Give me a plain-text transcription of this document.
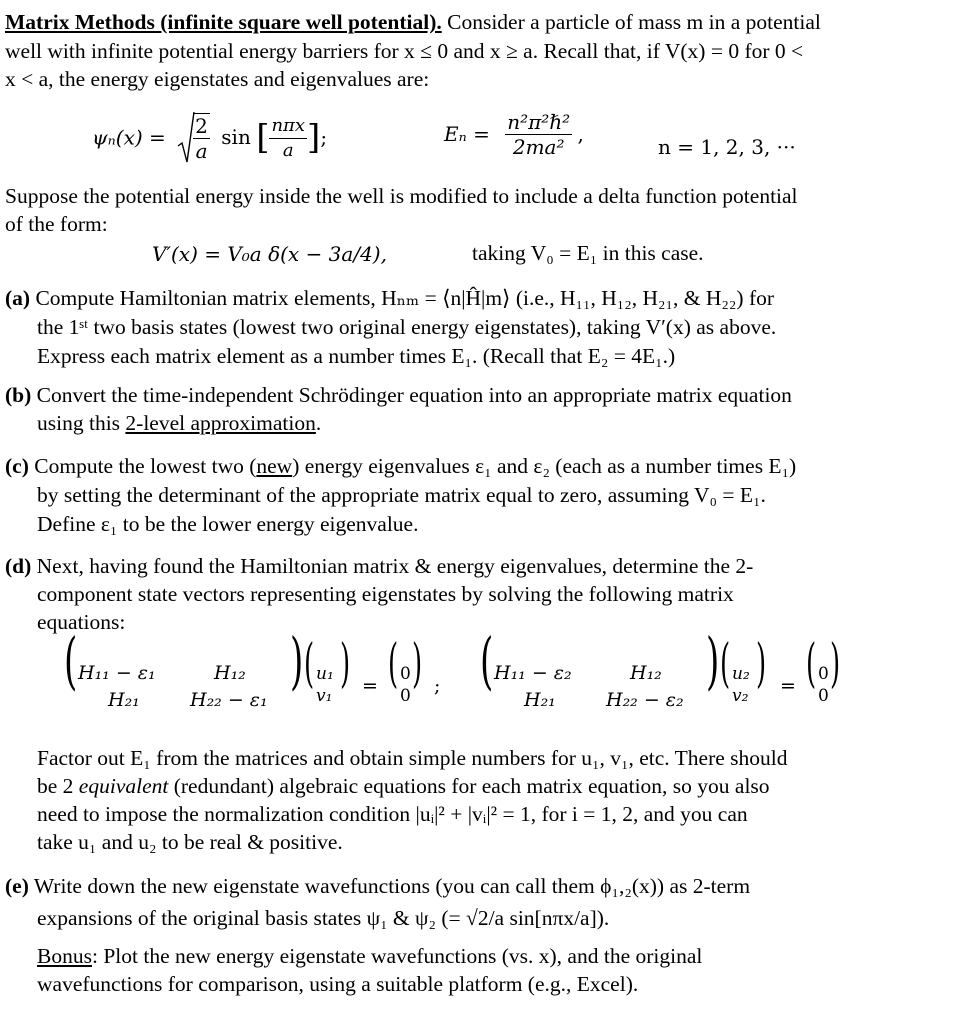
Matrix Methods (infinite square well potential). Consider a particle of mass m in a potential
well with infinite potential energy barriers for x ≤ 0 and x ≥ a. Recall that, if V(x) = 0 for 0 <
x < a, the energy eigenstates and eigenvalues are:
$\psi_n(x) = \frac{2}{a}$ sin [ $\frac{\text{nπx}}{a}$ ];	$E_n = \frac{\text{n²π²ℏ²}}{\text{2ma²}}$ ,
n = 1, 2, 3, ···
Suppose the potential energy inside the well is modified to include a delta function potential
of the form:
V′(x) = V₀a δ(x − 3a/4),	taking V₀ = E₁ in this case.
(a) Compute Hamiltonian matrix elements, Hₙₘ = ⟨n|Ĥ|m⟩ (i.e., H₁₁, H₁₂, H₂₁, & H₂₂) for
the 1ˢᵗ two basis states (lowest two original energy eigenstates), taking V′(x) as above.
Express each matrix element as a number times E₁. (Recall that E₂ = 4E₁.)
(b) Convert the time-independent Schrödinger equation into an appropriate matrix equation
using this 2-level approximation.
(c) Compute the lowest two (new) energy eigenvalues ε₁ and ε₂ (each as a number times E₁)
by setting the determinant of the appropriate matrix equal to zero, assuming V₀ = E₁.
Define ε₁ to be the lower energy eigenvalue.
(d) Next, having found the Hamiltonian matrix & energy eigenvalues, determine the 2-
component state vectors representing eigenstates by solving the following matrix
equations:
( H₁₁ − ε₁	H₁₂
H₂₁	H₂₂ − ε₁
) ( u₁
v₁
) = ( 0
0
) ; ( H₁₁ − ε₂	H₁₂
H₂₁	H₂₂ − ε₂
) ( u₂
v₂
) = ( 0
0
)
Factor out E₁ from the matrices and obtain simple numbers for u₁, v₁, etc. There should
be 2 equivalent (redundant) algebraic equations for each matrix equation, so you also
need to impose the normalization condition |uᵢ|² + |vᵢ|² = 1, for i = 1, 2, and you can
take u₁ and u₂ to be real & positive.
(e) Write down the new eigenstate wavefunctions (you can call them ϕ₁,₂(x)) as 2-term
expansions of the original basis states ψ₁ & ψ₂ (= √2/a sin[nπx/a]).
Bonus: Plot the new energy eigenstate wavefunctions (vs. x), and the original
wavefunctions for comparison, using a suitable platform (e.g., Excel).
